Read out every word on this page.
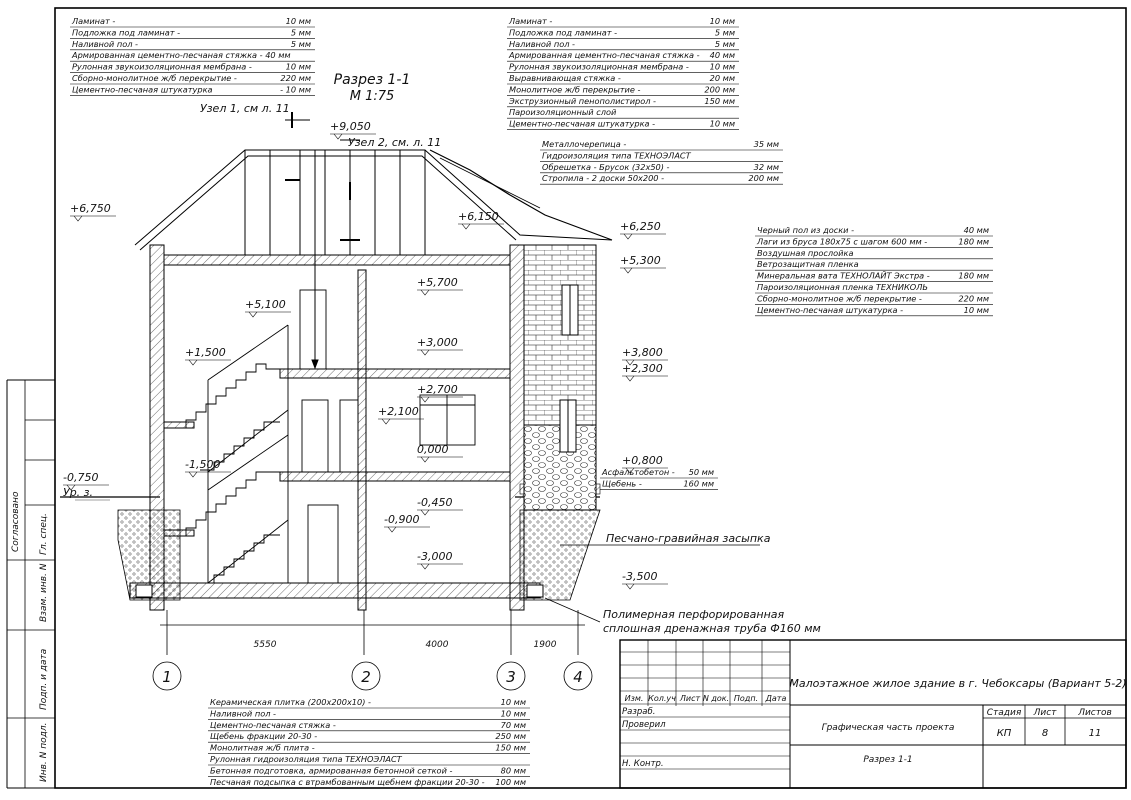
Согласовано Гл. спец.
Взам. инв. N
Подп. и дата
Инв. N подл.
1	2	3	4
5550	4000	1900
Разрез 1-1
М 1:75
Узел 1, см л. 11
Узел 2, см. л. 11
Песчано-гравийная засыпка
Полимерная перфорированная
сплошная дренажная труба Ф160 мм
+9,050
+6,750
+6,150
+6,250
+5,300
+5,700
+5,100
+3,000
+3,800
+2,300
+2,700
+2,100
+1,500
0,000
+0,800
-0,450
-0,750
Ур. з.
-1,500
-0,900
-3,000
-3,500
Ламинат -	10 мм
Подложка под ламинат -	5 мм
Наливной пол -	5 мм
Армированная цементно-песчаная стяжка - 40 мм
Рулонная звукоизоляционная мембрана -	10 мм
Сборно-монолитное ж/б перекрытие -	220 мм
Цементно-песчаная штукатурка	- 10 мм
Ламинат -	10 мм
Подложка под ламинат -	5 мм
Наливной пол -	5 мм
Армированная цементно-песчаная стяжка - 40 мм
Рулонная звукоизоляционная мембрана -	10 мм
Выравнивающая стяжка -	20 мм
Монолитное ж/б перекрытие -	200 мм
Экструзионный пенополистирол -	150 мм
Пароизоляционный слой
Цементно-песчаная штукатурка -	10 мм
Металлочерепица -	35 мм
Гидроизоляция типа ТЕХНОЭЛАСТ
Обрешетка - Брусок (32х50) -	32 мм
Стропила - 2 доски 50х200 -	200 мм
Черный пол из доски -	40 мм
Лаги из бруса 180х75 с шагом 600 мм -	180 мм
Воздушная прослойка
Ветрозащитная пленка
Минеральная вата ТЕХНОЛАЙТ Экстра -	180 мм
Пароизоляционная пленка ТЕХНИКОЛЬ
Сборно-монолитное ж/б перекрытие -	220 мм
Цементно-песчаная штукатурка -	10 мм
Керамическая плитка (200х200х10) -	10 мм
Наливной пол -	10 мм
Цементно-песчаная стяжка -	70 мм
Щебень фракции 20-30 -	250 мм
Монолитная ж/б плита -	150 мм
Рулонная гидроизоляция типа ТЕХНОЭЛАСТ
Бетонная подготовка, армированная бетонной сеткой -	80 мм
Песчаная подсыпка с втрамбованным щебнем фракции 20-30 - 100 мм
Асфальтобетон - 50 мм
Щебень -	160 мм
Изм. Кол.уч Лист N док. Подп. Дата
Разраб.
Проверил
Н. Контр.
Малоэтажное жилое здание в г. Чебоксары (Вариант 5-2)
Графическая часть проекта
Стадия Лист Листов
КП	8	11
Разрез 1-1
